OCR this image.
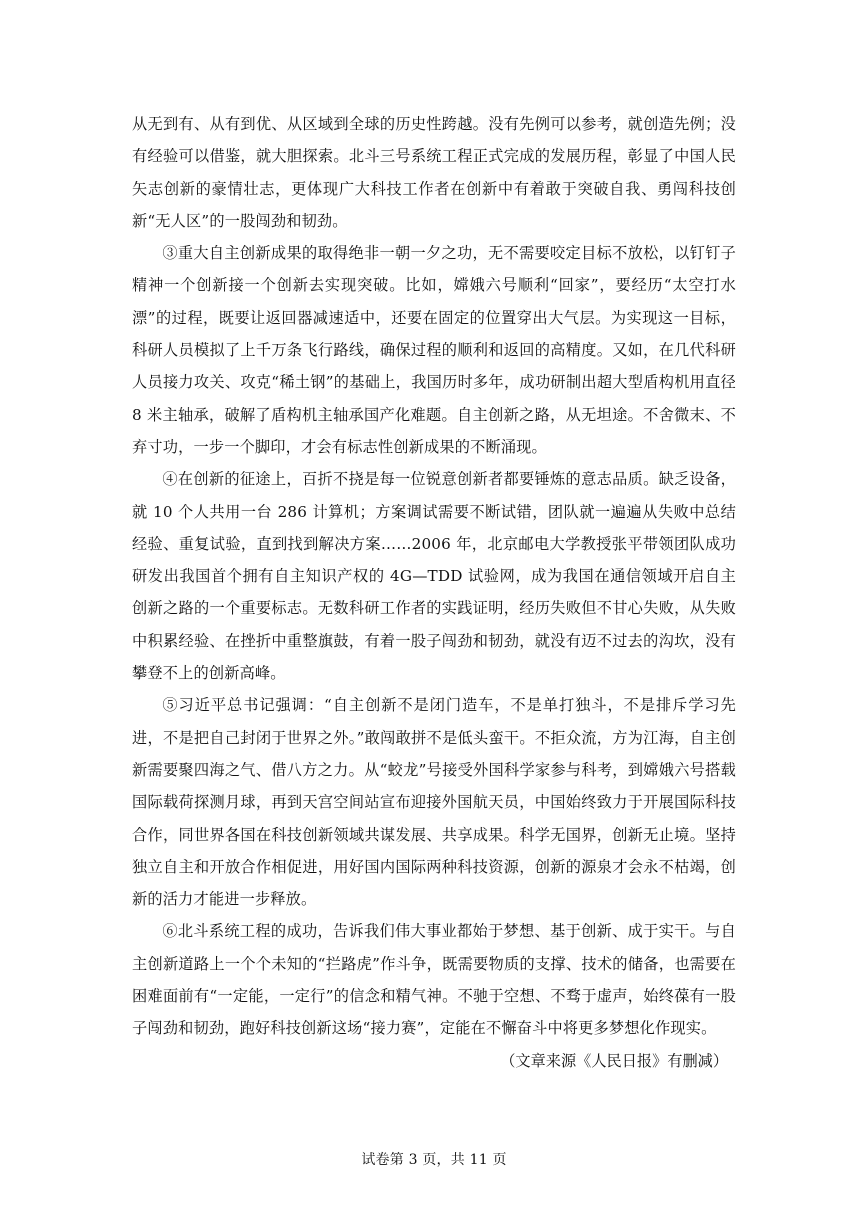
从无到有、从有到优、从区域到全球的历史性跨越。没有先例可以参考，就创造先例；没有经验可以借鉴，就大胆探索。北斗三号系统工程正式完成的发展历程，彰显了中国人民矢志创新的豪情壮志，更体现广大科技工作者在创新中有着敢于突破自我、勇闯科技创新“无人区”的一股闯劲和韧劲。

③重大自主创新成果的取得绝非一朝一夕之功，无不需要咬定目标不放松，以钉钉子精神一个创新接一个创新去实现突破。比如，嫦娥六号顺利“回家”，要经历“太空打水漂”的过程，既要让返回器减速适中，还要在固定的位置穿出大气层。为实现这一目标，科研人员模拟了上千万条飞行路线，确保过程的顺利和返回的高精度。又如，在几代科研人员接力攻关、攻克“稀土钢”的基础上，我国历时多年，成功研制出超大型盾构机用直径 8 米主轴承，破解了盾构机主轴承国产化难题。自主创新之路，从无坦途。不舍微末、不弃寸功，一步一个脚印，才会有标志性创新成果的不断涌现。

④在创新的征途上，百折不挠是每一位锐意创新者都要锤炼的意志品质。缺乏设备，就 10 个人共用一台 286 计算机；方案调试需要不断试错，团队就一遍遍从失败中总结经验、重复试验，直到找到解决方案……2006 年，北京邮电大学教授张平带领团队成功研发出我国首个拥有自主知识产权的 4G—TDD 试验网，成为我国在通信领域开启自主创新之路的一个重要标志。无数科研工作者的实践证明，经历失败但不甘心失败，从失败中积累经验、在挫折中重整旗鼓，有着一股子闯劲和韧劲，就没有迈不过去的沟坎，没有攀登不上的创新高峰。

⑤习近平总书记强调：“自主创新不是闭门造车，不是单打独斗，不是排斥学习先进，不是把自己封闭于世界之外。”敢闯敢拼不是低头蛮干。不拒众流，方为江海，自主创新需要聚四海之气、借八方之力。从“蛟龙”号接受外国科学家参与科考，到嫦娥六号搭载国际载荷探测月球，再到天宫空间站宣布迎接外国航天员，中国始终致力于开展国际科技合作，同世界各国在科技创新领域共谋发展、共享成果。科学无国界，创新无止境。坚持独立自主和开放合作相促进，用好国内国际两种科技资源，创新的源泉才会永不枯竭，创新的活力才能进一步释放。

⑥北斗系统工程的成功，告诉我们伟大事业都始于梦想、基于创新、成于实干。与自主创新道路上一个个未知的“拦路虎”作斗争，既需要物质的支撑、技术的储备，也需要在困难面前有“一定能，一定行”的信念和精气神。不驰于空想、不骛于虚声，始终葆有一股子闯劲和韧劲，跑好科技创新这场“接力赛”，定能在不懈奋斗中将更多梦想化作现实。

（文章来源《人民日报》有删减）

试卷第 3 页，共 11 页
